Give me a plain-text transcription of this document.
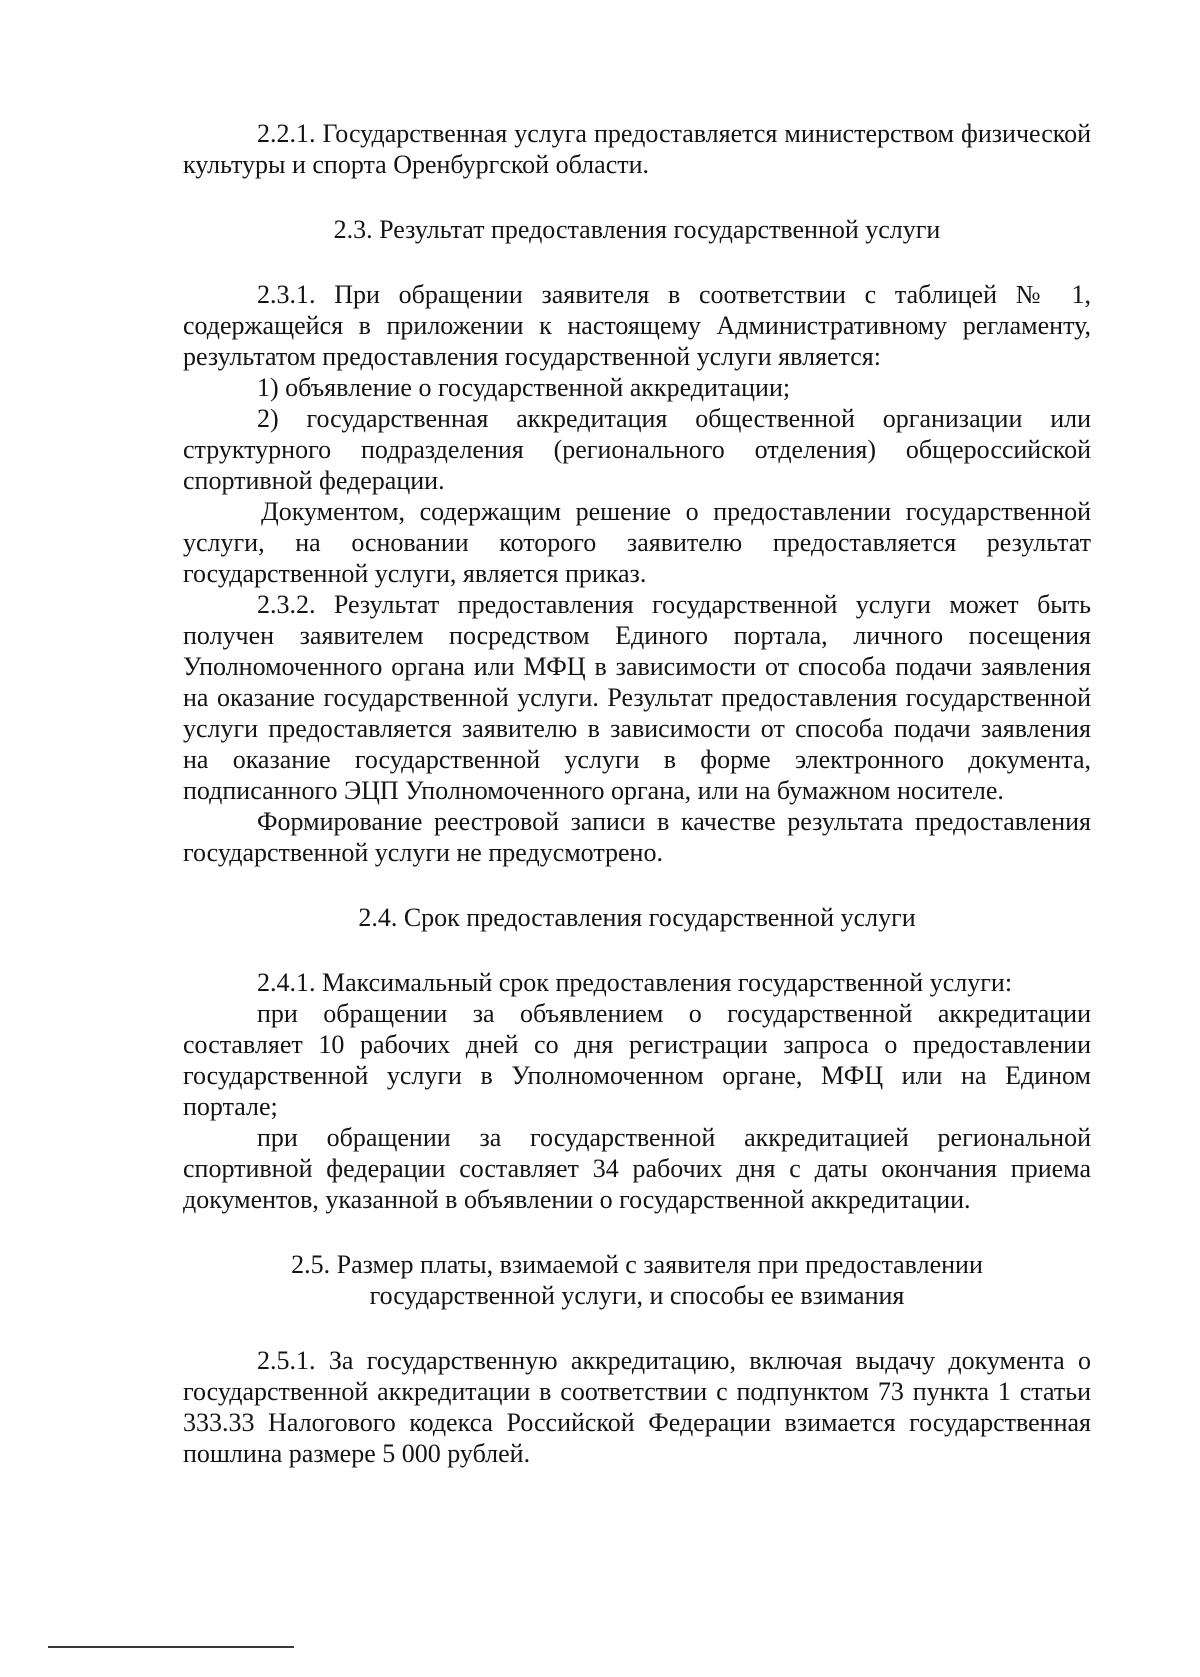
2.2.1. Государственная услуга предоставляется министерством физической культуры и спорта Оренбургской области.

2.3. Результат предоставления государственной услуги

2.3.1. При обращении заявителя в соответствии с таблицей № 1, содержащейся в приложении к настоящему Административному регламенту, результатом предоставления государственной услуги является:

1) объявление о государственной аккредитации;

2) государственная аккредитация общественной организации или структурного подразделения (регионального отделения) общероссийской спортивной федерации.

Документом, содержащим решение о предоставлении государственной услуги, на основании которого заявителю предоставляется результат государственной услуги, является приказ.

2.3.2. Результат предоставления государственной услуги может быть получен заявителем посредством Единого портала, личного посещения Уполномоченного органа или МФЦ в зависимости от способа подачи заявления на оказание государственной услуги. Результат предоставления государственной услуги предоставляется заявителю в зависимости от способа подачи заявления на оказание государственной услуги в форме электронного документа, подписанного ЭЦП Уполномоченного органа, или на бумажном носителе.

Формирование реестровой записи в качестве результата предоставления государственной услуги не предусмотрено.

2.4. Срок предоставления государственной услуги

2.4.1. Максимальный срок предоставления государственной услуги:

при обращении за объявлением о государственной аккредитации составляет 10 рабочих дней со дня регистрации запроса о предоставлении государственной услуги в Уполномоченном органе, МФЦ или на Едином портале;

при обращении за государственной аккредитацией региональной спортивной федерации составляет 34 рабочих дня с даты окончания приема документов, указанной в объявлении о государственной аккредитации.

2.5. Размер платы, взимаемой с заявителя при предоставлении

государственной услуги, и способы ее взимания

2.5.1. За государственную аккредитацию, включая выдачу документа о государственной аккредитации в соответствии с подпунктом 73 пункта 1 статьи 333.33 Налогового кодекса Российской Федерации взимается государственная пошлина размере 5 000 рублей.
